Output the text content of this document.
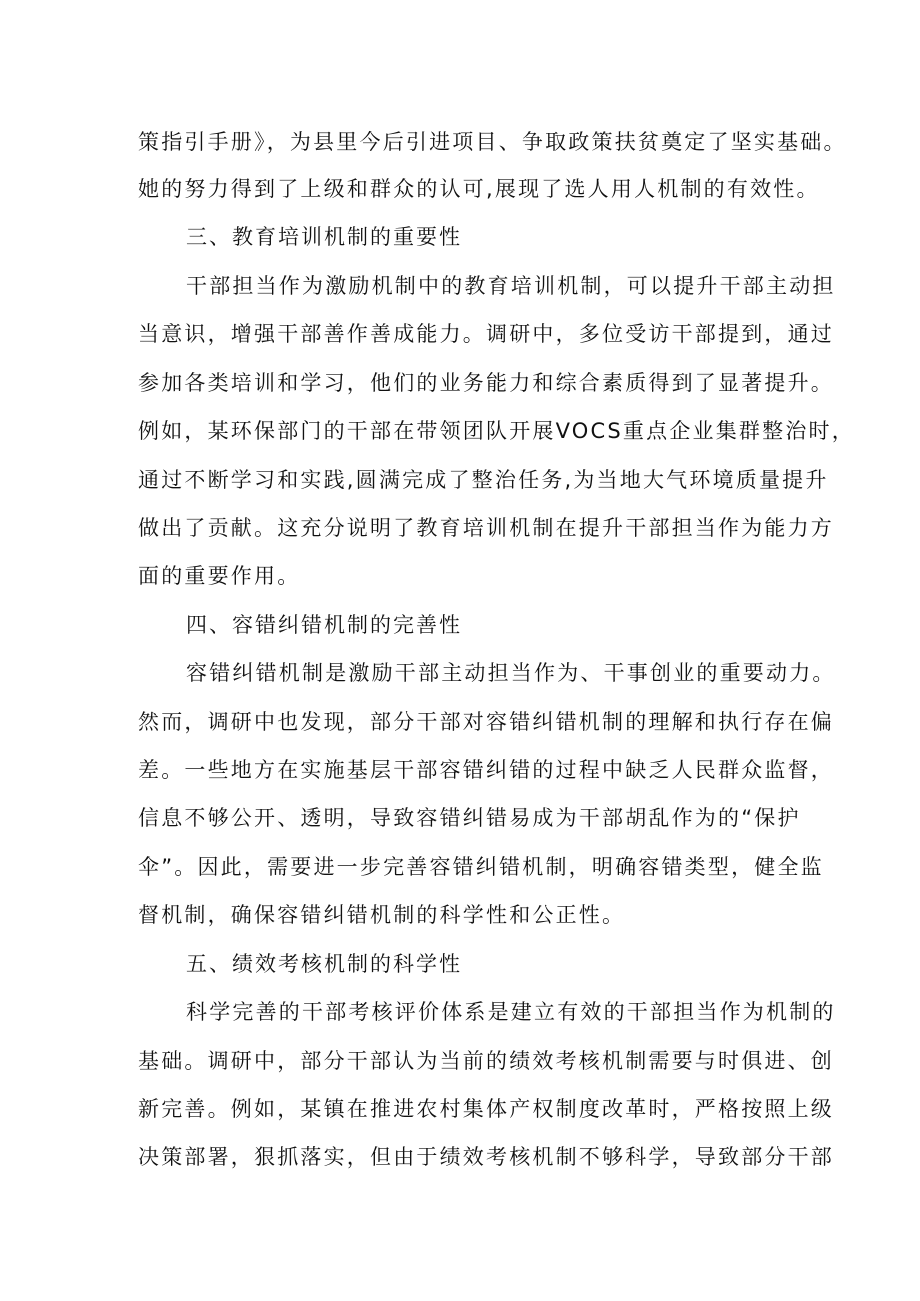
策指引手册》，为县里今后引进项目、争取政策扶贫奠定了坚实基础。
她的努力得到了上级和群众的认可,展现了选人用人机制的有效性。
三、教育培训机制的重要性
干部担当作为激励机制中的教育培训机制，可以提升干部主动担
当意识，增强干部善作善成能力。调研中，多位受访干部提到，通过
参加各类培训和学习，他们的业务能力和综合素质得到了显著提升。
例如，某环保部门的干部在带领团队开展VOCS重点企业集群整治时，
通过不断学习和实践,圆满完成了整治任务,为当地大气环境质量提升
做出了贡献。这充分说明了教育培训机制在提升干部担当作为能力方
面的重要作用。
四、容错纠错机制的完善性
容错纠错机制是激励干部主动担当作为、干事创业的重要动力。
然而，调研中也发现，部分干部对容错纠错机制的理解和执行存在偏
差。一些地方在实施基层干部容错纠错的过程中缺乏人民群众监督，
信息不够公开、透明，导致容错纠错易成为干部胡乱作为的“保护
伞”。因此，需要进一步完善容错纠错机制，明确容错类型，健全监
督机制，确保容错纠错机制的科学性和公正性。
五、绩效考核机制的科学性
科学完善的干部考核评价体系是建立有效的干部担当作为机制的
基础。调研中，部分干部认为当前的绩效考核机制需要与时俱进、创
新完善。例如，某镇在推进农村集体产权制度改革时，严格按照上级
决策部署，狠抓落实，但由于绩效考核机制不够科学，导致部分干部
